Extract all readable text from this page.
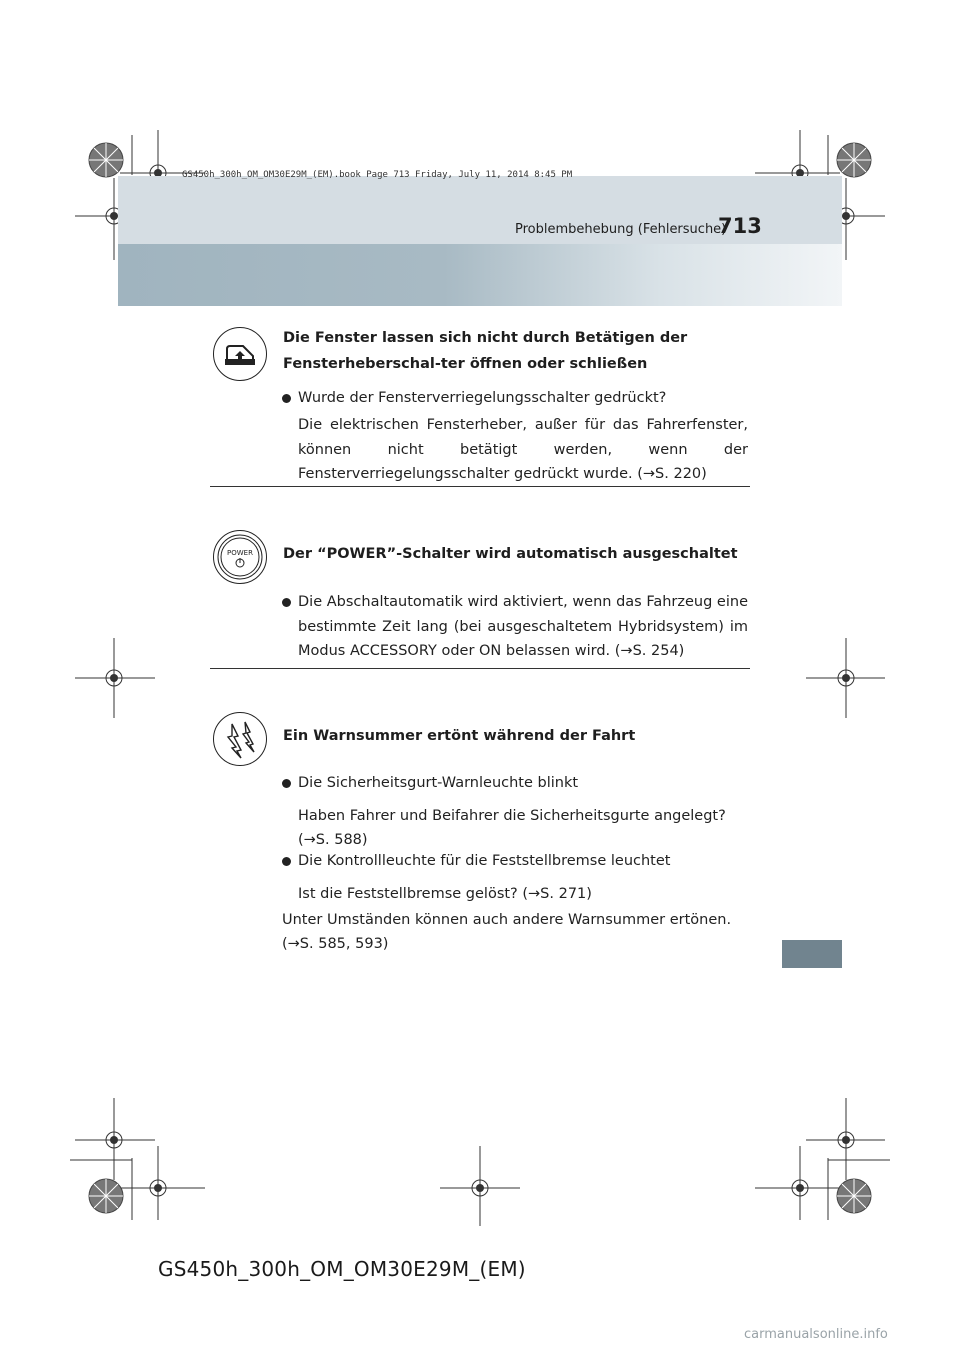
GS450h_300h_OM_OM30E29M_(EM).book Page 713 Friday, July 11, 2014 8:45 PM
Problembehebung (Fehlersuche)
713
Die Fenster lassen sich nicht durch Betätigen der Fensterheberschal-ter öffnen oder schließen
Wurde der Fensterverriegelungsschalter gedrückt?
Die elektrischen Fensterheber, außer für das Fahrerfenster, können nicht betätigt werden, wenn der Fensterverriegelungsschalter gedrückt wurde. (→S. 220)
POWER Der “POWER”-Schalter wird automatisch ausgeschaltet
Die Abschaltautomatik wird aktiviert, wenn das Fahrzeug eine bestimmte Zeit lang (bei ausgeschaltetem Hybridsystem) im Modus ACCESSORY oder ON belassen wird. (→S. 254)
Ein Warnsummer ertönt während der Fahrt
Die Sicherheitsgurt-Warnleuchte blinkt
Haben Fahrer und Beifahrer die Sicherheitsgurte angelegt?
(→S. 588)
Die Kontrollleuchte für die Feststellbremse leuchtet
Ist die Feststellbremse gelöst? (→S. 271)
Unter Umständen können auch andere Warnsummer ertönen.
(→S. 585, 593)
GS450h_300h_OM_OM30E29M_(EM)
carmanualsonline.info
